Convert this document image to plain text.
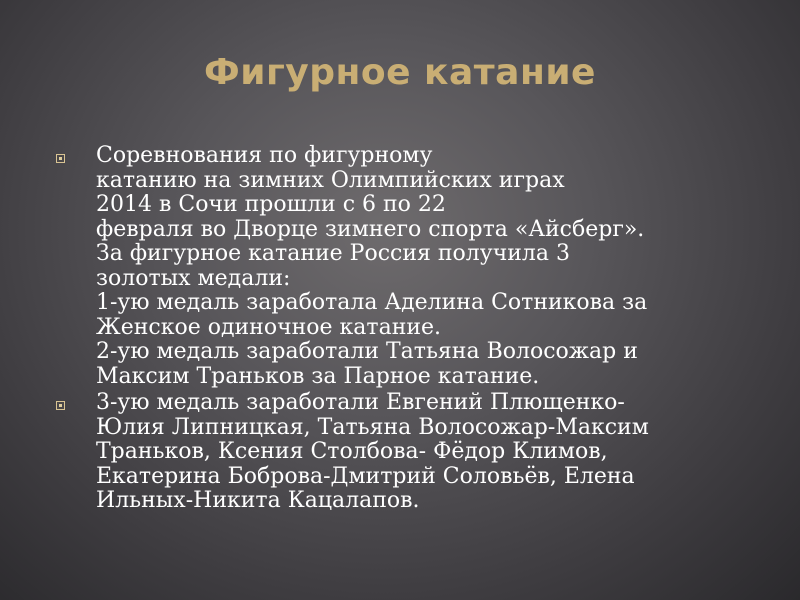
Фигурное катание
Соревнования по фигурному
катанию на зимних Олимпийских играх
2014 в Сочи прошли с 6 по 22
февраля во Дворце зимнего спорта «Айсберг».
За фигурное катание Россия получила 3
золотых медали:
1-ую медаль заработала Аделина Сотникова за
Женское одиночное катание.
2-ую медаль заработали Татьяна Волосожар и
Максим Траньков за Парное катание.
3-ую медаль заработали Евгений Плющенко-
Юлия Липницкая, Татьяна Волосожар-Максим
Траньков, Ксения Столбова- Фёдор Климов,
Екатерина Боброва-Дмитрий Соловьёв, Елена
Ильных-Никита Кацалапов.
